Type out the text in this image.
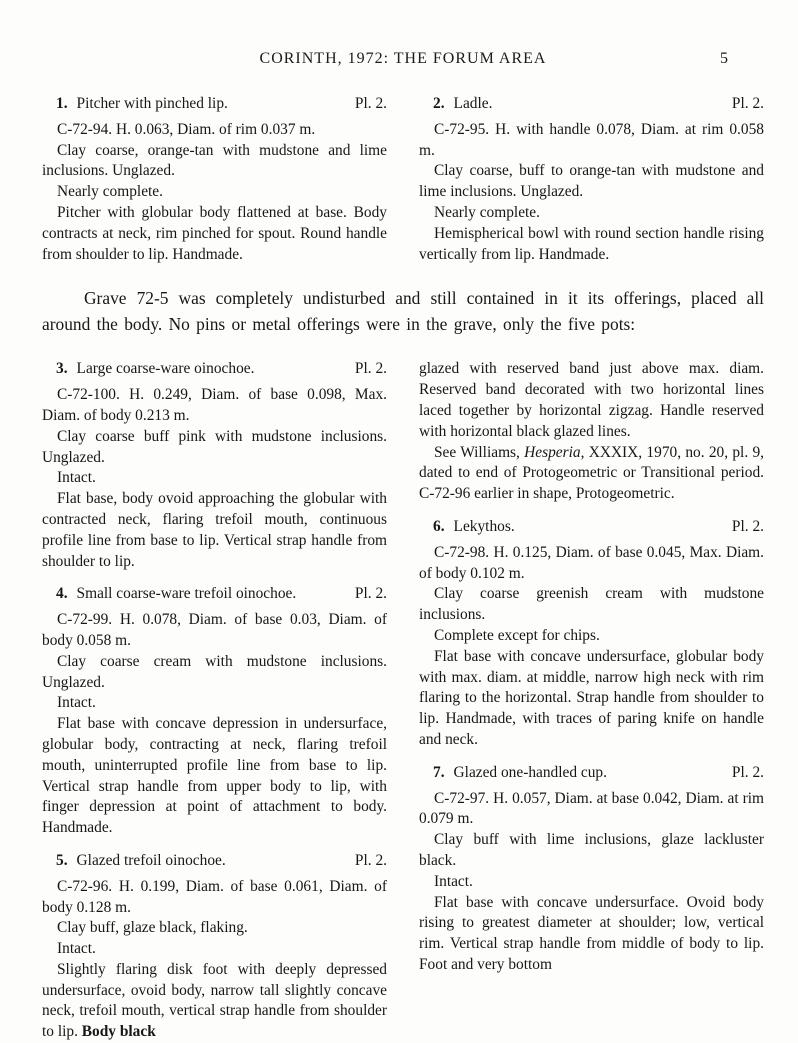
CORINTH, 1972: THE FORUM AREA	5
1. Pitcher with pinched lip.	Pl. 2.

C-72-94. H. 0.063, Diam. of rim 0.037 m.

Clay coarse, orange-tan with mudstone and lime inclusions. Unglazed.

Nearly complete.

Pitcher with globular body flattened at base. Body contracts at neck, rim pinched for spout. Round handle from shoulder to lip. Handmade.

2. Ladle.	Pl. 2.

C-72-95. H. with handle 0.078, Diam. at rim 0.058 m.

Clay coarse, buff to orange-tan with mudstone and lime inclusions. Unglazed.

Nearly complete.

Hemispherical bowl with round section handle rising vertically from lip. Handmade.

Grave 72-5 was completely undisturbed and still contained in it its offerings, placed all around the body. No pins or metal offerings were in the grave, only the five pots:

3. Large coarse-ware oinochoe.	Pl. 2.

C-72-100. H. 0.249, Diam. of base 0.098, Max. Diam. of body 0.213 m.

Clay coarse buff pink with mudstone inclusions. Unglazed.

Intact.

Flat base, body ovoid approaching the globular with contracted neck, flaring trefoil mouth, continuous profile line from base to lip. Vertical strap handle from shoulder to lip.

4. Small coarse-ware trefoil oinochoe.	Pl. 2.

C-72-99. H. 0.078, Diam. of base 0.03, Diam. of body 0.058 m.

Clay coarse cream with mudstone inclusions. Unglazed.

Intact.

Flat base with concave depression in undersurface, globular body, contracting at neck, flaring trefoil mouth, uninterrupted profile line from base to lip. Vertical strap handle from upper body to lip, with finger depression at point of attachment to body. Handmade.

5. Glazed trefoil oinochoe.	Pl. 2.

C-72-96. H. 0.199, Diam. of base 0.061, Diam. of body 0.128 m.

Clay buff, glaze black, flaking.

Intact.

Slightly flaring disk foot with deeply depressed undersurface, ovoid body, narrow tall slightly concave neck, trefoil mouth, vertical strap handle from shoulder to lip. Body black

glazed with reserved band just above max. diam. Reserved band decorated with two horizontal lines laced together by horizontal zigzag. Handle reserved with horizontal black glazed lines.

See Williams, Hesperia, XXXIX, 1970, no. 20, pl. 9, dated to end of Protogeometric or Transitional period. C-72-96 earlier in shape, Protogeometric.

6. Lekythos.	Pl. 2.

C-72-98. H. 0.125, Diam. of base 0.045, Max. Diam. of body 0.102 m.

Clay coarse greenish cream with mudstone inclusions.

Complete except for chips.

Flat base with concave undersurface, globular body with max. diam. at middle, narrow high neck with rim flaring to the horizontal. Strap handle from shoulder to lip. Handmade, with traces of paring knife on handle and neck.

7. Glazed one-handled cup.	Pl. 2.

C-72-97. H. 0.057, Diam. at base 0.042, Diam. at rim 0.079 m.

Clay buff with lime inclusions, glaze lackluster black.

Intact.

Flat base with concave undersurface. Ovoid body rising to greatest diameter at shoulder; low, vertical rim. Vertical strap handle from middle of body to lip. Foot and very bottom
